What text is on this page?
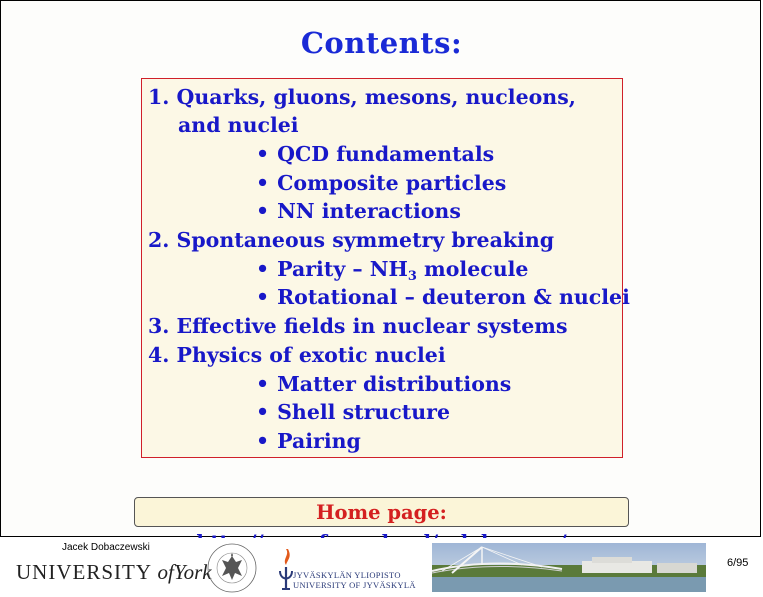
Contents:
1. Quarks, gluons, mesons, nucleons,
and nuclei
• QCD fundamentals
• Composite particles
• NN interactions
2. Spontaneous symmetry breaking
• Parity – $NH_3$ molecule
• Rotational – deuteron & nuclei
3. Effective fields in nuclear systems
4. Physics of exotic nuclei
• Matter distributions
• Shell structure
• Pairing
Home page:
Jacek Dobaczewski
UNIVERSITY ofYork	JYVÄSKYLÄN YLIOPISTO
UNIVERSITY OF JYVÄSKYLÄ
6/95
